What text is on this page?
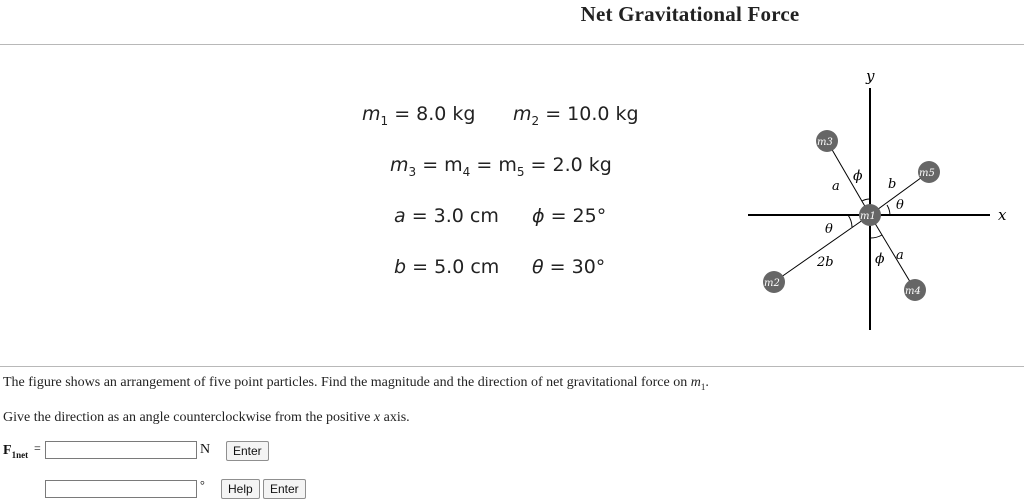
Net Gravitational Force
$m_1 = 8.0$ kg $m_2 = 10.0$ kg
$m_3 = m_4 = m_5 = 2.0$ kg
a = 3.0 cm ϕ = 25°
b = 5.0 cm θ = 30°
y
x
m3
m5
m1
m2
m4
a
ϕ
b
θ
θ
2b	ϕ a
The figure shows an arrangement of five point particles. Find the magnitude and the direction of net gravitational force on $m_1$.
Give the direction as an angle counterclockwise from the positive x axis.
$F_{1net}$ =	N	Enter
°	Help	Enter
